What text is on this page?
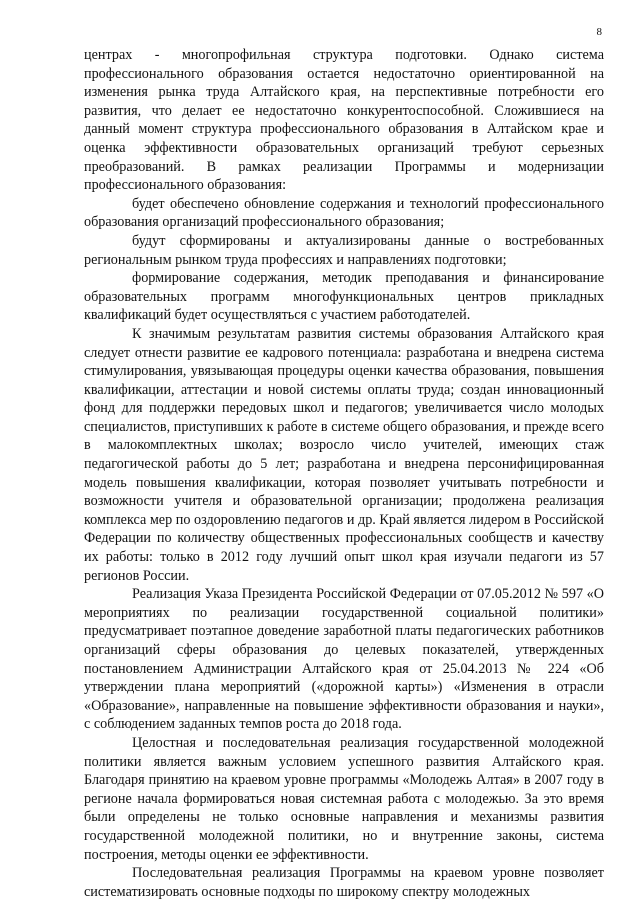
8

центрах - многопрофильная структура подготовки. Однако система профессионального образования остается недостаточно ориентированной на изменения рынка труда Алтайского края, на перспективные потребности его развития, что делает ее недостаточно конкурентоспособной. Сложившиеся на данный момент структура профессионального образования в Алтайском крае и оценка эффективности образовательных организаций требуют серьезных преобразований. В рамках реализации Программы и модернизации профессионального образования:

будет обеспечено обновление содержания и технологий профессионального образования организаций профессионального образования;

будут сформированы и актуализированы данные о востребованных региональным рынком труда профессиях и направлениях подготовки;

формирование содержания, методик преподавания и финансирование образовательных программ многофункциональных центров прикладных квалификаций будет осуществляться с участием работодателей.

К значимым результатам развития системы образования Алтайского края следует отнести развитие ее кадрового потенциала: разработана и внедрена система стимулирования, увязывающая процедуры оценки качества образования, повышения квалификации, аттестации и новой системы оплаты труда; создан инновационный фонд для поддержки передовых школ и педагогов; увеличивается число молодых специалистов, приступивших к работе в системе общего образования, и прежде всего в малокомплектных школах; возросло число учителей, имеющих стаж педагогической работы до 5 лет; разработана и внедрена персонифицированная модель повышения квалификации, которая позволяет учитывать потребности и возможности учителя и образовательной организации; продолжена реализация комплекса мер по оздоровлению педагогов и др. Край является лидером в Российской Федерации по количеству общественных профессиональных сообществ и качеству их работы: только в 2012 году лучший опыт школ края изучали педагоги из 57 регионов России.

Реализация Указа Президента Российской Федерации от 07.05.2012 № 597 «О мероприятиях по реализации государственной социальной политики» предусматривает поэтапное доведение заработной платы педагогических работников организаций сферы образования до целевых показателей, утвержденных постановлением Администрации Алтайского края от 25.04.2013 № 224 «Об утверждении плана мероприятий («дорожной карты») «Изменения в отрасли «Образование», направленные на повышение эффективности образования и науки», с соблюдением заданных темпов роста до 2018 года.

Целостная и последовательная реализация государственной молодежной политики является важным условием успешного развития Алтайского края. Благодаря принятию на краевом уровне программы «Молодежь Алтая» в 2007 году в регионе начала формироваться новая системная работа с молодежью. За это время были определены не только основные направления и механизмы развития государственной молодежной политики, но и внутренние законы, система построения, методы оценки ее эффективности.

Последовательная реализация Программы на краевом уровне позволяет систематизировать основные подходы по широкому спектру молодежных
